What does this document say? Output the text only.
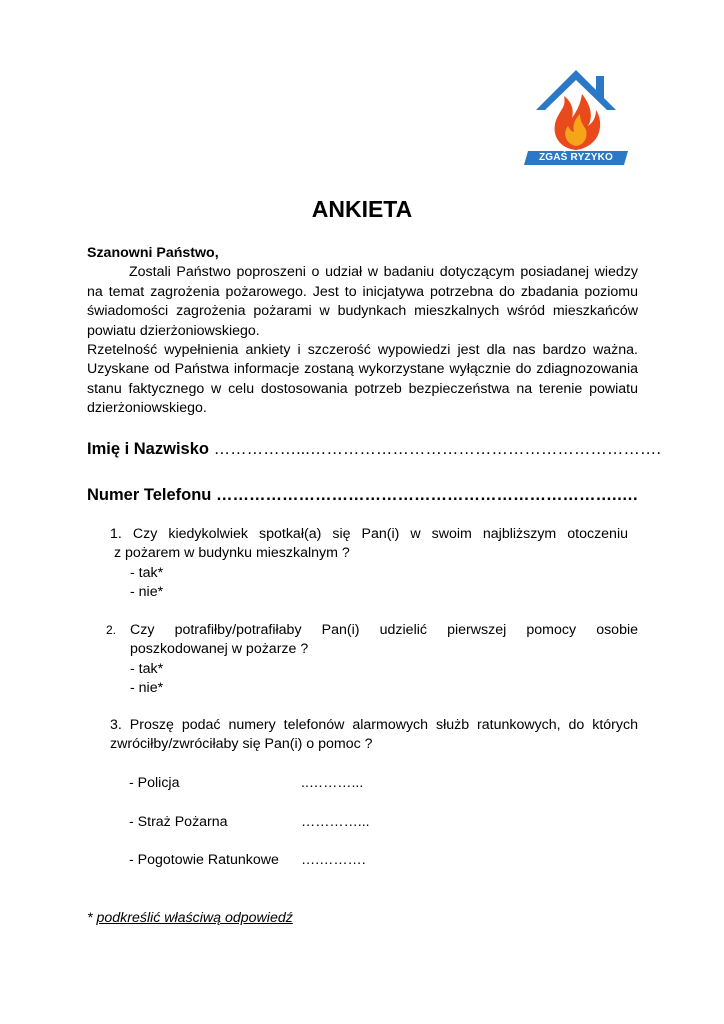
ZGAŚ RYZYKO
ANKIETA

Szanowni Państwo,

Zostali Państwo poproszeni o udział w badaniu dotyczącym posiadanej wiedzy na temat zagrożenia pożarowego. Jest to inicjatywa potrzebna do zbadania poziomu świadomości zagrożenia pożarami w budynkach mieszkalnych wśród mieszkańców powiatu dzierżoniowskiego.

Rzetelność wypełnienia ankiety i szczerość wypowiedzi jest dla nas bardzo ważna. Uzyskane od Państwa informacje zostaną wykorzystane wyłącznie do zdiagnozowania stanu faktycznego w celu dostosowania potrzeb bezpieczeństwa na terenie powiatu dzierżoniowskiego.

Imię i Nazwisko ……………...……………………………………………………….
Numer Telefonu ……………………………………………………………….….
1. Czy kiedykolwiek spotkał(a) się Pan(i) w swoim najbliższym otoczeniu
z pożarem w budynku mieszkalnym ?
- tak*
- nie*
2. Czy potrafiłby/potrafiłaby Pan(i) udzielić pierwszej pomocy osobie
poszkodowanej w pożarze ?
- tak*
- nie*
3. Proszę podać numery telefonów alarmowych służb ratunkowych, do których zwróciłby/zwróciłaby się Pan(i) o pomoc ?
- Policja	..………...
- Straż Pożarna	…………...
- Pogotowie Ratunkowe ….……….
* podkreślić właściwą odpowiedź
